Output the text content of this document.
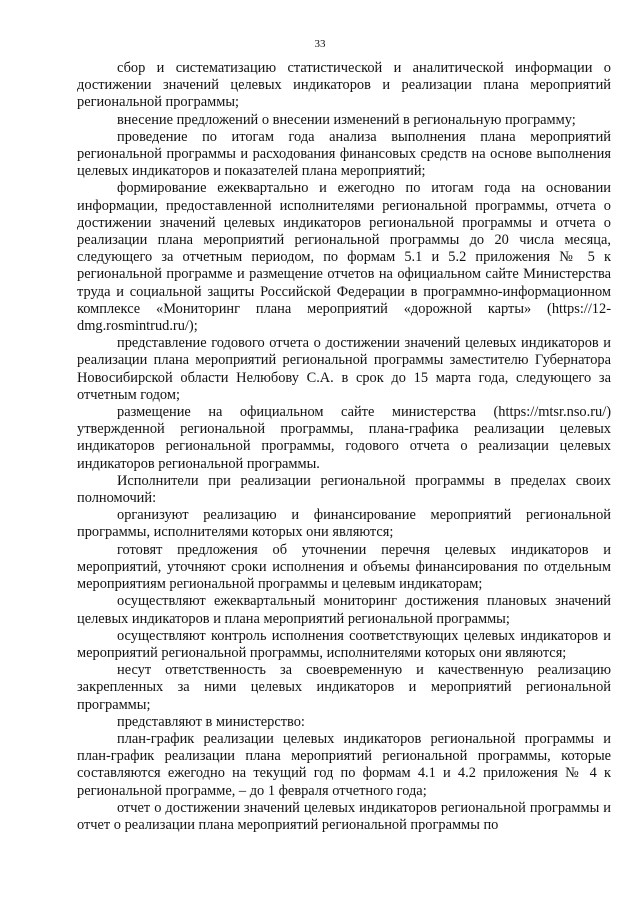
33

сбор и систематизацию статистической и аналитической информации о достижении значений целевых индикаторов и реализации плана мероприятий региональной программы;

внесение предложений о внесении изменений в региональную программу;

проведение по итогам года анализа выполнения плана мероприятий региональной программы и расходования финансовых средств на основе выполнения целевых индикаторов и показателей плана мероприятий;

формирование ежеквартально и ежегодно по итогам года на основании информации, предоставленной исполнителями региональной программы, отчета о достижении значений целевых индикаторов региональной программы и отчета о реализации плана мероприятий региональной программы до 20 числа месяца, следующего за отчетным периодом, по формам 5.1 и 5.2 приложения № 5 к региональной программе и размещение отчетов на официальном сайте Министерства труда и социальной защиты Российской Федерации в программно-информационном комплексе «Мониторинг плана мероприятий «дорожной карты» (https://12-dmg.rosmintrud.ru/);

представление годового отчета о достижении значений целевых индикаторов и реализации плана мероприятий региональной программы заместителю Губернатора Новосибирской области Нелюбову С.А. в срок до 15 марта года, следующего за отчетным годом;

размещение на официальном сайте министерства (https://mtsr.nso.ru/) утвержденной региональной программы, плана-графика реализации целевых индикаторов региональной программы, годового отчета о реализации целевых индикаторов региональной программы.

Исполнители при реализации региональной программы в пределах своих полномочий:

организуют реализацию и финансирование мероприятий региональной программы, исполнителями которых они являются;

готовят предложения об уточнении перечня целевых индикаторов и мероприятий, уточняют сроки исполнения и объемы финансирования по отдельным мероприятиям региональной программы и целевым индикаторам;

осуществляют ежеквартальный мониторинг достижения плановых значений целевых индикаторов и плана мероприятий региональной программы;

осуществляют контроль исполнения соответствующих целевых индикаторов и мероприятий региональной программы, исполнителями которых они являются;

несут ответственность за своевременную и качественную реализацию закрепленных за ними целевых индикаторов и мероприятий региональной программы;

представляют в министерство:

план-график реализации целевых индикаторов региональной программы и план-график реализации плана мероприятий региональной программы, которые составляются ежегодно на текущий год по формам 4.1 и 4.2 приложения № 4 к региональной программе, – до 1 февраля отчетного года;

отчет о достижении значений целевых индикаторов региональной программы и отчет о реализации плана мероприятий региональной программы по
